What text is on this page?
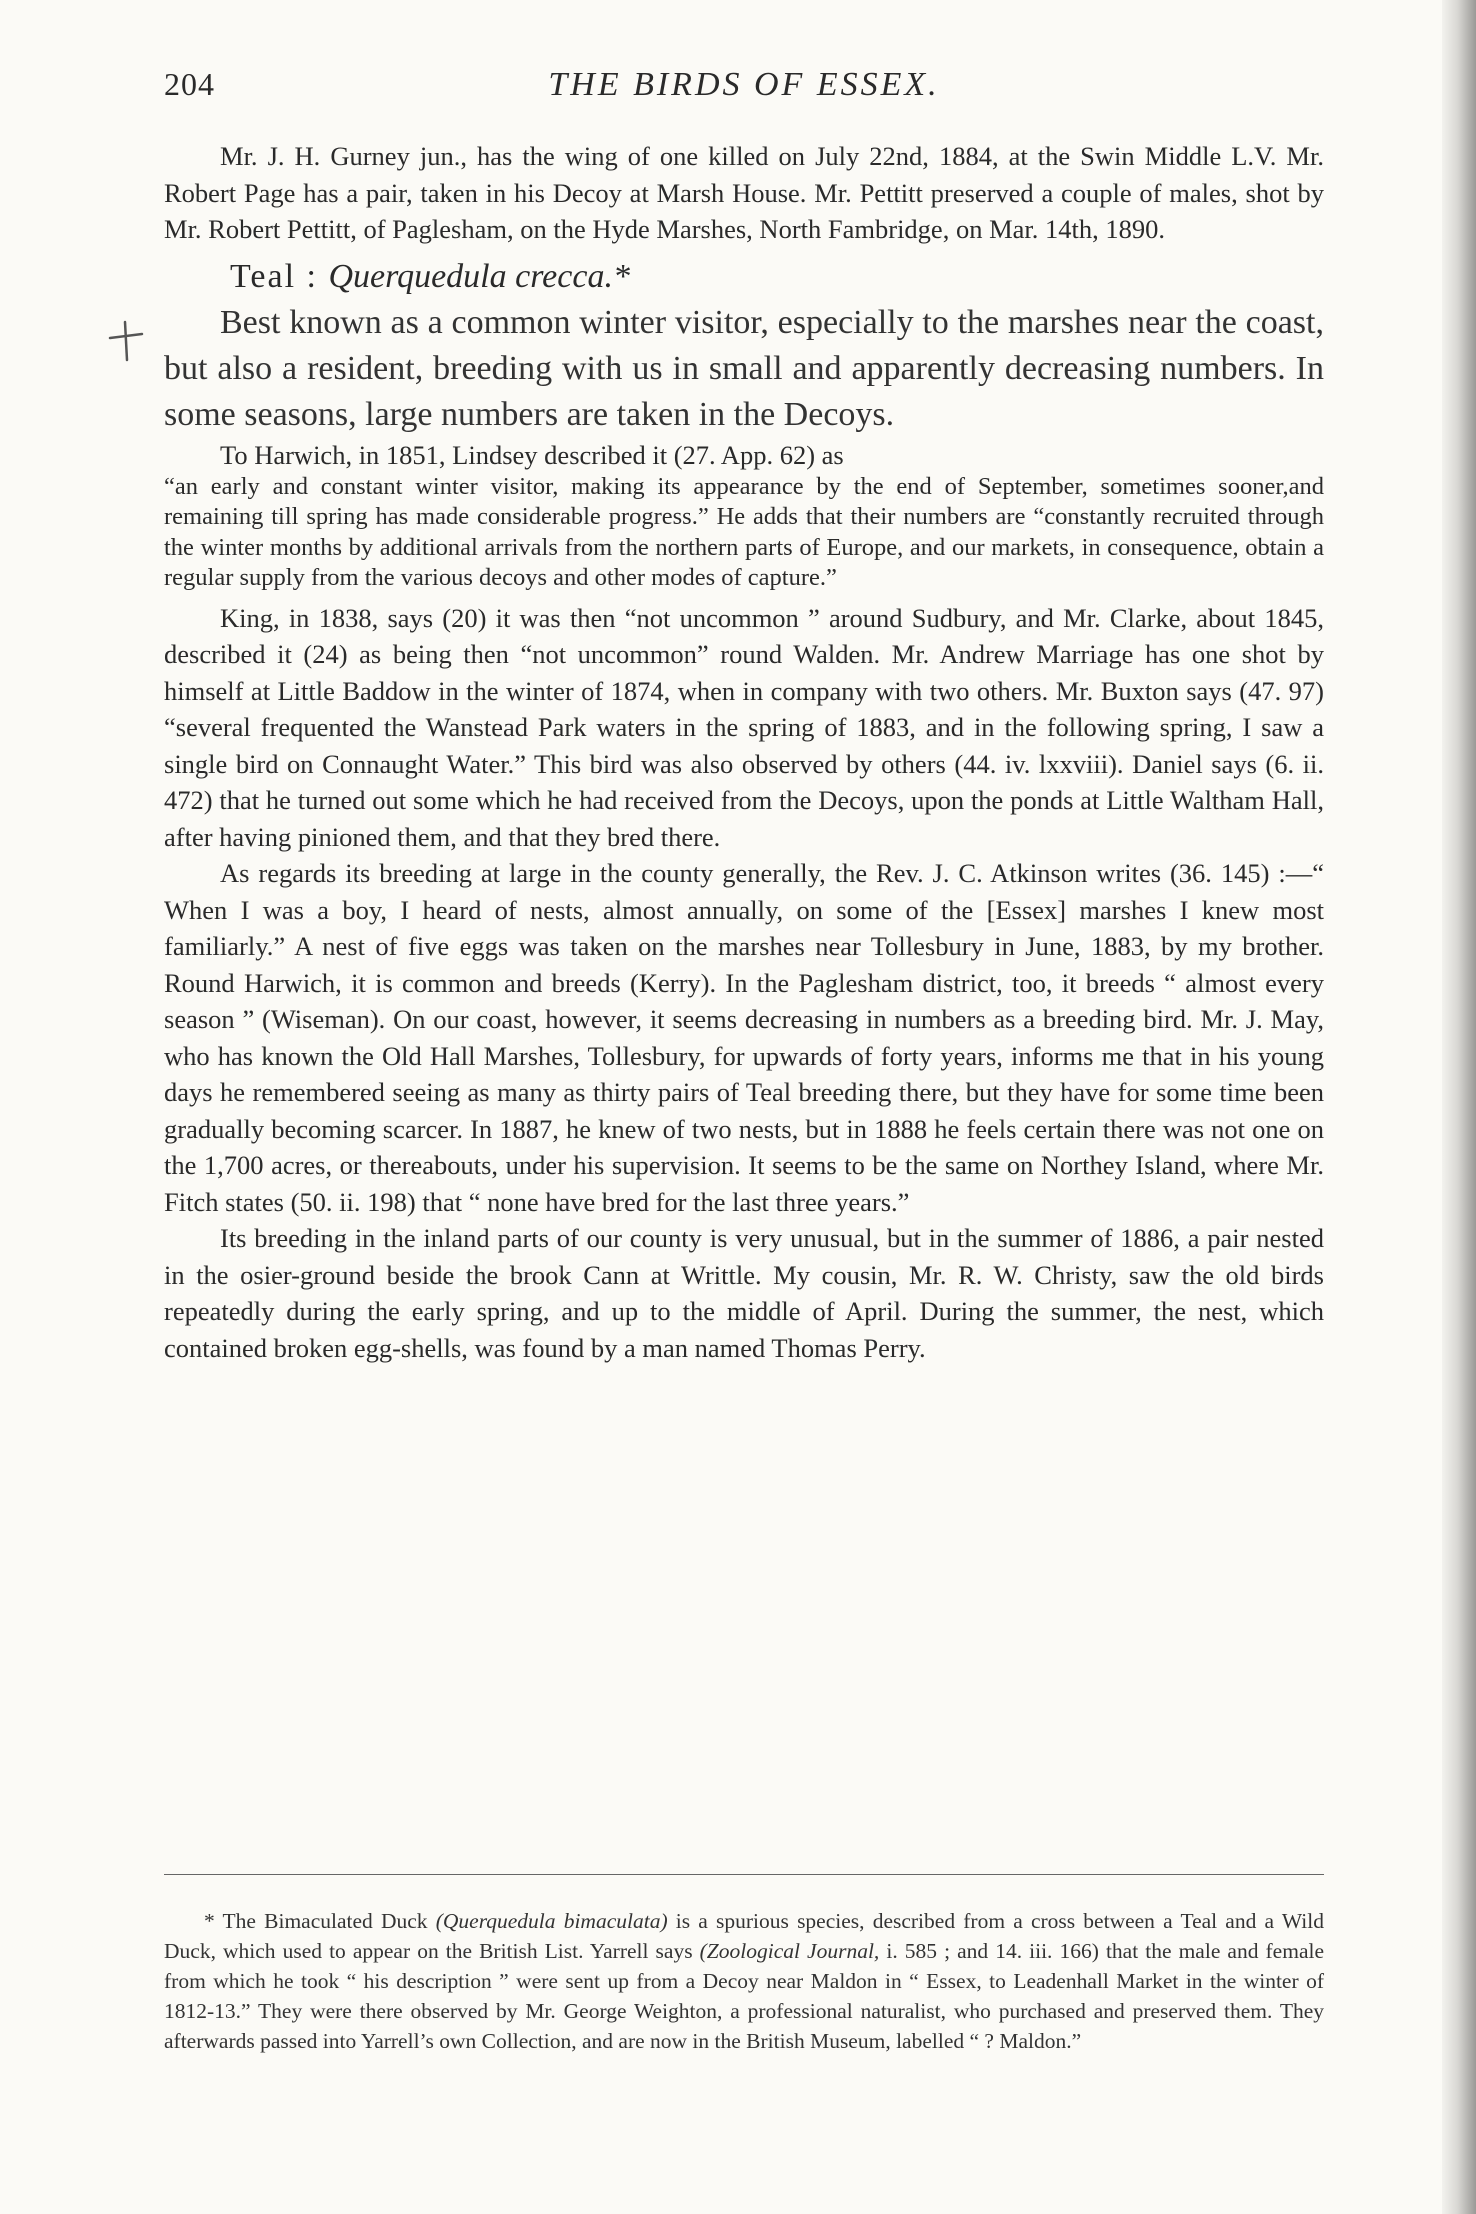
204	THE BIRDS OF ESSEX.

Mr. J. H. Gurney jun., has the wing of one killed on July 22nd, 1884, at the Swin Middle L.V. Mr. Robert Page has a pair, taken in his Decoy at Marsh House. Mr. Pettitt preserved a couple of males, shot by Mr. Robert Pettitt, of Paglesham, on the Hyde Marshes, North Fambridge, on Mar. 14th, 1890.

Teal : Querquedula crecca.*

Best known as a common winter visitor, especially to the marshes near the coast, but also a resident, breeding with us in small and apparently decreasing numbers. In some seasons, large numbers are taken in the Decoys.

To Harwich, in 1851, Lindsey described it (27. App. 62) as

“an early and constant winter visitor, making its appearance by the end of September, sometimes sooner,and remaining till spring has made considerable progress.” He adds that their numbers are “constantly recruited through the winter months by additional arrivals from the northern parts of Europe, and our markets, in consequence, obtain a regular supply from the various decoys and other modes of capture.”

King, in 1838, says (20) it was then “not uncommon ” around Sudbury, and Mr. Clarke, about 1845, described it (24) as being then “not uncommon” round Walden. Mr. Andrew Marriage has one shot by himself at Little Baddow in the winter of 1874, when in company with two others. Mr. Buxton says (47. 97) “several frequented the Wanstead Park waters in the spring of 1883, and in the following spring, I saw a single bird on Connaught Water.” This bird was also observed by others (44. iv. lxxviii). Daniel says (6. ii. 472) that he turned out some which he had received from the Decoys, upon the ponds at Little Waltham Hall, after having pinioned them, and that they bred there.

As regards its breeding at large in the county generally, the Rev. J. C. Atkinson writes (36. 145) :—“ When I was a boy, I heard of nests, almost annually, on some of the [Essex] marshes I knew most familiarly.” A nest of five eggs was taken on the marshes near Tollesbury in June, 1883, by my brother. Round Harwich, it is common and breeds (Kerry). In the Paglesham district, too, it breeds “ almost every season ” (Wiseman). On our coast, however, it seems decreasing in numbers as a breeding bird. Mr. J. May, who has known the Old Hall Marshes, Tollesbury, for upwards of forty years, informs me that in his young days he remembered seeing as many as thirty pairs of Teal breeding there, but they have for some time been gradually becoming scarcer. In 1887, he knew of two nests, but in 1888 he feels certain there was not one on the 1,700 acres, or thereabouts, under his supervision. It seems to be the same on Northey Island, where Mr. Fitch states (50. ii. 198) that “ none have bred for the last three years.”

Its breeding in the inland parts of our county is very unusual, but in the summer of 1886, a pair nested in the osier-ground beside the brook Cann at Writtle. My cousin, Mr. R. W. Christy, saw the old birds repeatedly during the early spring, and up to the middle of April. During the summer, the nest, which contained broken egg-shells, was found by a man named Thomas Perry.

* The Bimaculated Duck (Querquedula bimaculata) is a spurious species, described from a cross between a Teal and a Wild Duck, which used to appear on the British List. Yarrell says (Zoological Journal, i. 585 ; and 14. iii. 166) that the male and female from which he took “ his description ” were sent up from a Decoy near Maldon in “ Essex, to Leadenhall Market in the winter of 1812-13.” They were there observed by Mr. George Weighton, a professional naturalist, who purchased and preserved them. They afterwards passed into Yarrell’s own Collection, and are now in the British Museum, labelled “ ? Maldon.”
